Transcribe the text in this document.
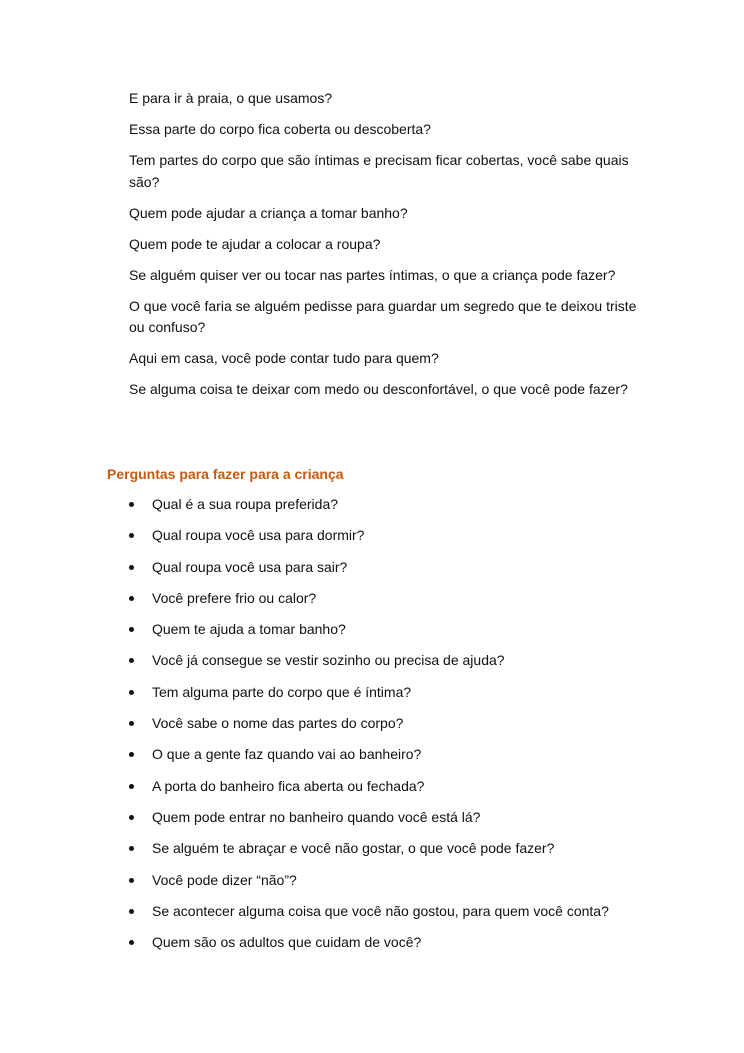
E para ir à praia, o que usamos?
Essa parte do corpo fica coberta ou descoberta?
Tem partes do corpo que são íntimas e precisam ficar cobertas, você sabe quais são?
Quem pode ajudar a criança a tomar banho?
Quem pode te ajudar a colocar a roupa?
Se alguém quiser ver ou tocar nas partes íntimas, o que a criança pode fazer?
O que você faria se alguém pedisse para guardar um segredo que te deixou triste ou confuso?
Aqui em casa, você pode contar tudo para quem?
Se alguma coisa te deixar com medo ou desconfortável, o que você pode fazer?
Perguntas para fazer para a criança
Qual é a sua roupa preferida?
Qual roupa você usa para dormir?
Qual roupa você usa para sair?
Você prefere frio ou calor?
Quem te ajuda a tomar banho?
Você já consegue se vestir sozinho ou precisa de ajuda?
Tem alguma parte do corpo que é íntima?
Você sabe o nome das partes do corpo?
O que a gente faz quando vai ao banheiro?
A porta do banheiro fica aberta ou fechada?
Quem pode entrar no banheiro quando você está lá?
Se alguém te abraçar e você não gostar, o que você pode fazer?
Você pode dizer “não”?
Se acontecer alguma coisa que você não gostou, para quem você conta?
Quem são os adultos que cuidam de você?
